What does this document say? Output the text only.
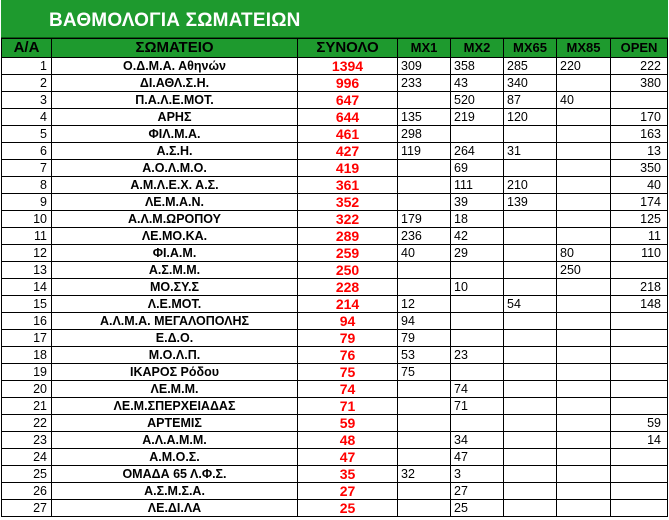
ΒΑΘΜΟΛΟΓΙΑ ΣΩΜΑΤΕΙΩΝ
Α/Α	ΣΩΜΑΤΕΙΟ	ΣΥΝΟΛΟ	MX1	MX2	MX65	MX85	OPEN
1	Ο.Δ.Μ.Α. Αθηνών	1394	309	358	285	220	222
2	ΔΙ.ΑΘΛ.Σ.Η.	996	233	43	340		380
3	Π.Α.Λ.Ε.ΜΟΤ.	647		520	87	40	
4	ΑΡΗΣ	644	135	219	120		170
5	ΦΙΛ.Μ.Α.	461	298				163
6	Α.Σ.Η.	427	119	264	31		13
7	Α.Ο.Λ.Μ.Ο.	419		69			350
8	Α.Μ.Λ.Ε.Χ. Α.Σ.	361		111	210		40
9	ΛΕ.Μ.Α.Ν.	352		39	139		174
10	Α.Λ.Μ.ΩΡΟΠΟΥ	322	179	18			125
11	ΛΕ.ΜΟ.ΚΑ.	289	236	42			11
12	ΦΙ.Α.Μ.	259	40	29		80	110
13	Α.Σ.Μ.Μ.	250				250	
14	ΜΟ.ΣΥ.Σ	228		10			218
15	Λ.Ε.ΜΟΤ.	214	12		54		148
16	Α.Λ.Μ.Α. ΜΕΓΑΛΟΠΟΛΗΣ	94	94				
17	Ε.Δ.Ο.	79	79				
18	Μ.Ο.Λ.Π.	76	53	23			
19	ΙΚΑΡΟΣ Ρόδου	75	75				
20	ΛΕ.Μ.Μ.	74		74			
21	ΛΕ.Μ.ΣΠΕΡΧΕΙΑΔΑΣ	71		71			
22	ΑΡΤΕΜΙΣ	59					59
23	Α.Λ.Α.Μ.Μ.	48		34			14
24	Α.Μ.Ο.Σ.	47		47			
25	ΟΜΑΔΑ 65 Λ.Φ.Σ.	35	32	3			
26	Α.Σ.Μ.Σ.Α.	27		27			
27	ΛΕ.ΔΙ.ΛΑ	25		25			
